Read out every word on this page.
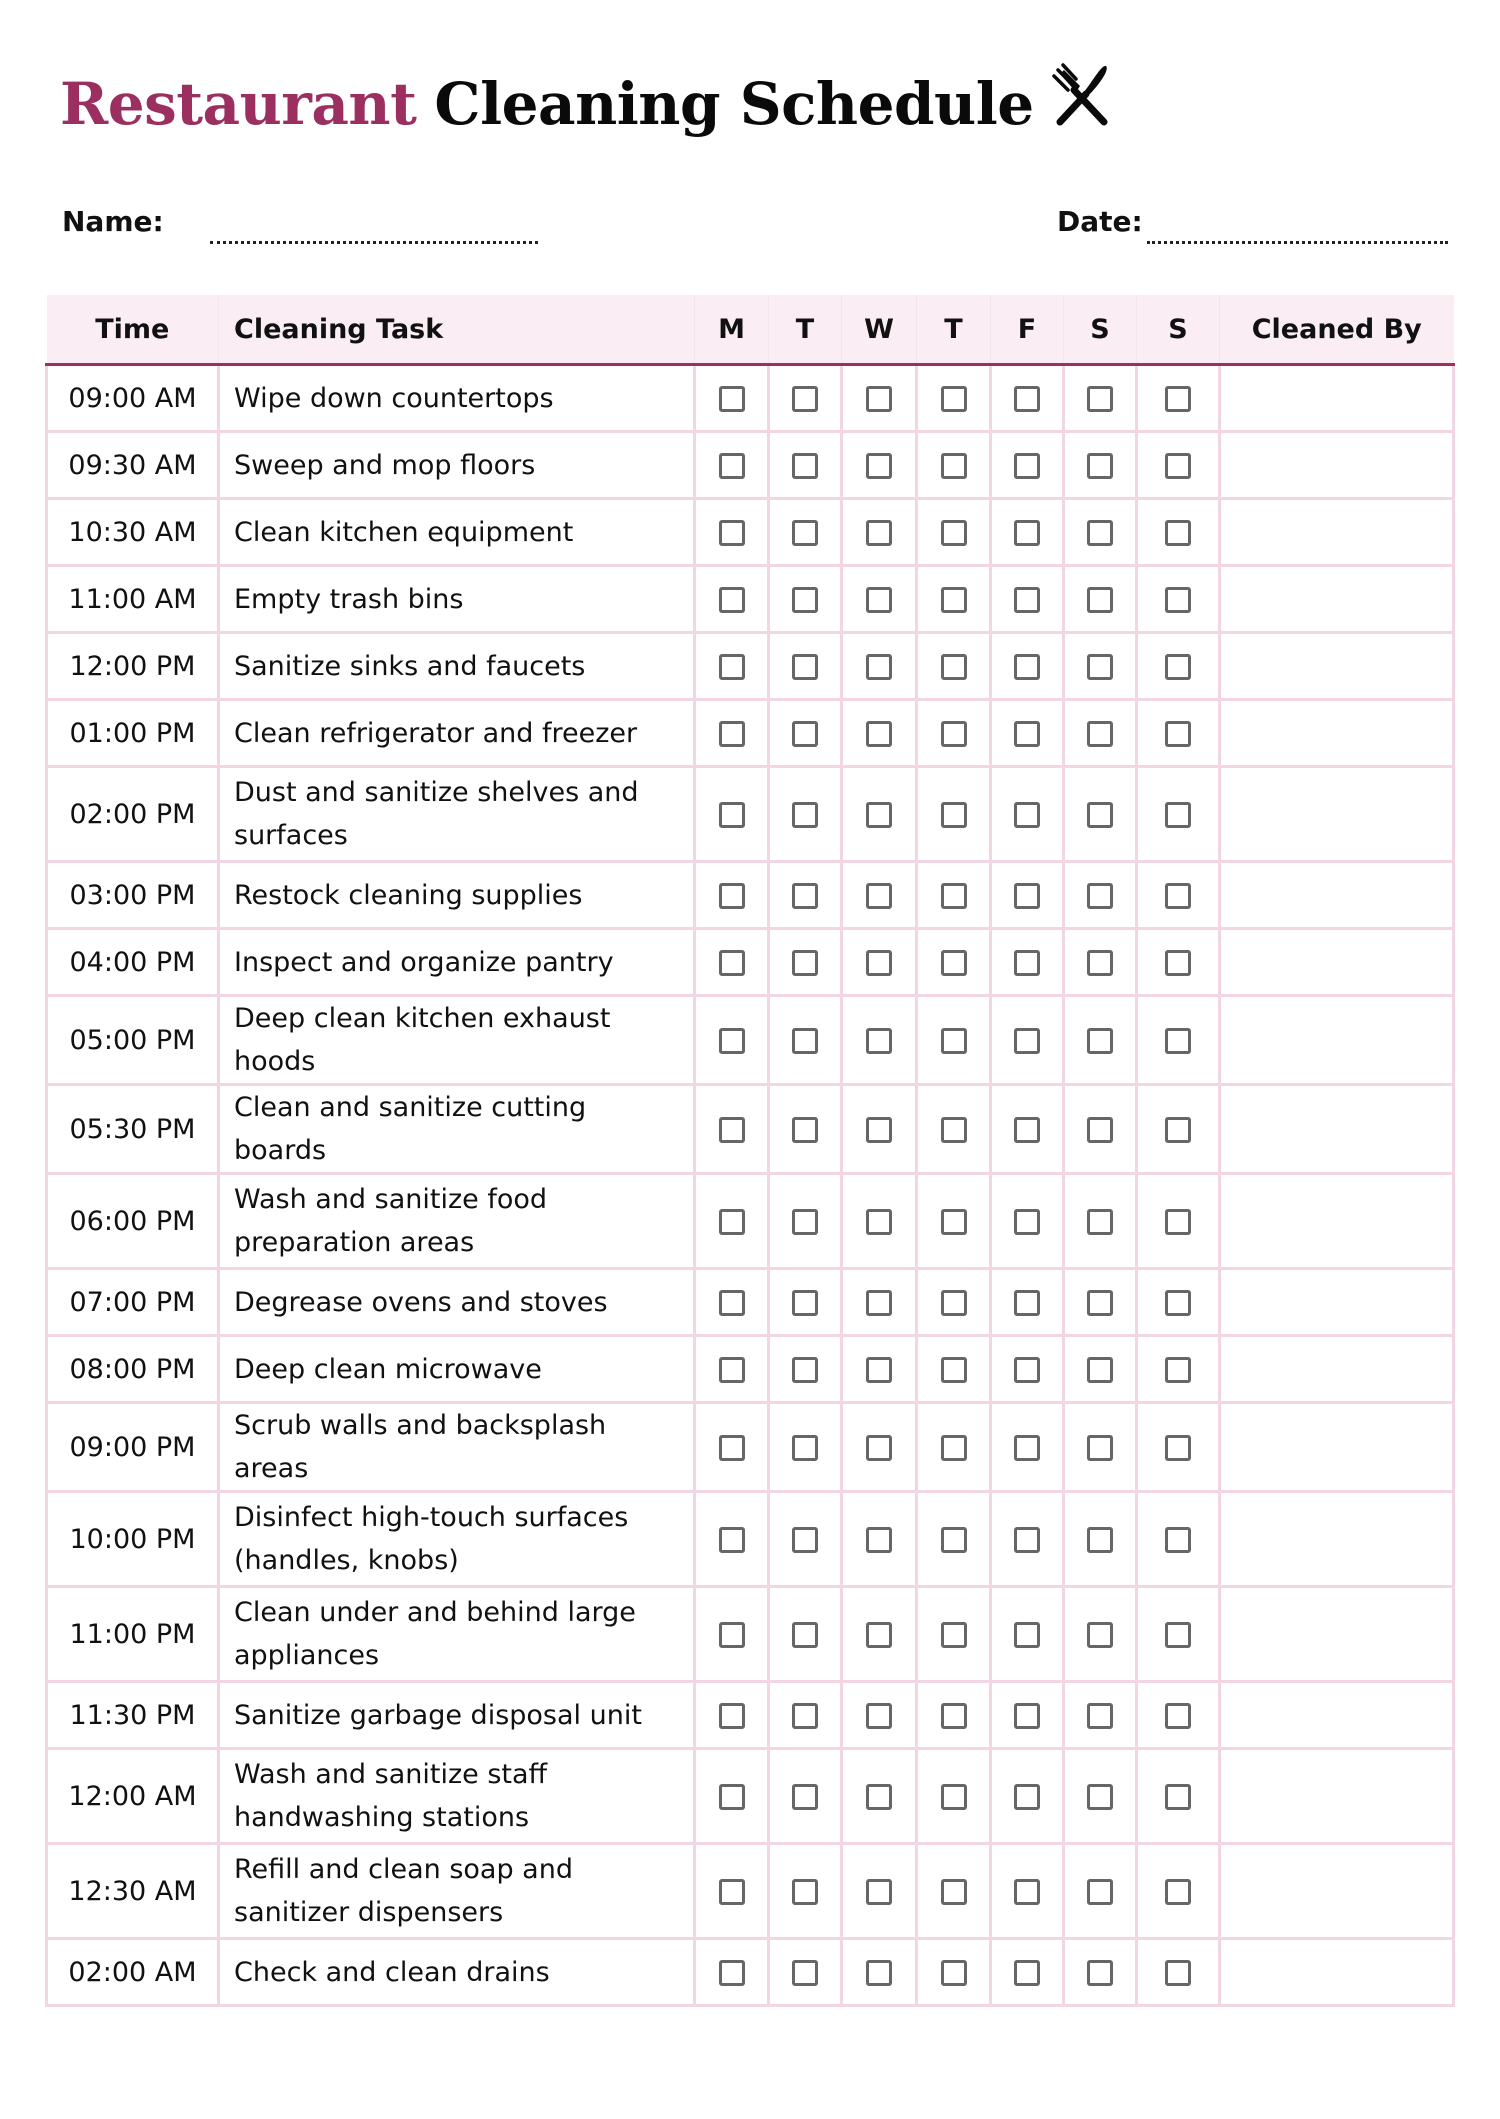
Restaurant Cleaning Schedule
Name:	Date:
Time	Cleaning Task	M	T	W	T	F	S	S	Cleaned By
09:00 AM	Wipe down countertops								
09:30 AM	Sweep and mop floors								
10:30 AM	Clean kitchen equipment								
11:00 AM	Empty trash bins								
12:00 PM	Sanitize sinks and faucets								
01:00 PM	Clean refrigerator and freezer								
02:00 PM	Dust and sanitize shelves and surfaces								
03:00 PM	Restock cleaning supplies								
04:00 PM	Inspect and organize pantry								
05:00 PM	Deep clean kitchen exhaust hoods								
05:30 PM	Clean and sanitize cutting boards								
06:00 PM	Wash and sanitize food preparation areas								
07:00 PM	Degrease ovens and stoves								
08:00 PM	Deep clean microwave								
09:00 PM	Scrub walls and backsplash areas								
10:00 PM	Disinfect high-touch surfaces (handles, knobs)								
11:00 PM	Clean under and behind large appliances								
11:30 PM	Sanitize garbage disposal unit								
12:00 AM	Wash and sanitize staff handwashing stations								
12:30 AM	Refill and clean soap and sanitizer dispensers								
02:00 AM	Check and clean drains								
